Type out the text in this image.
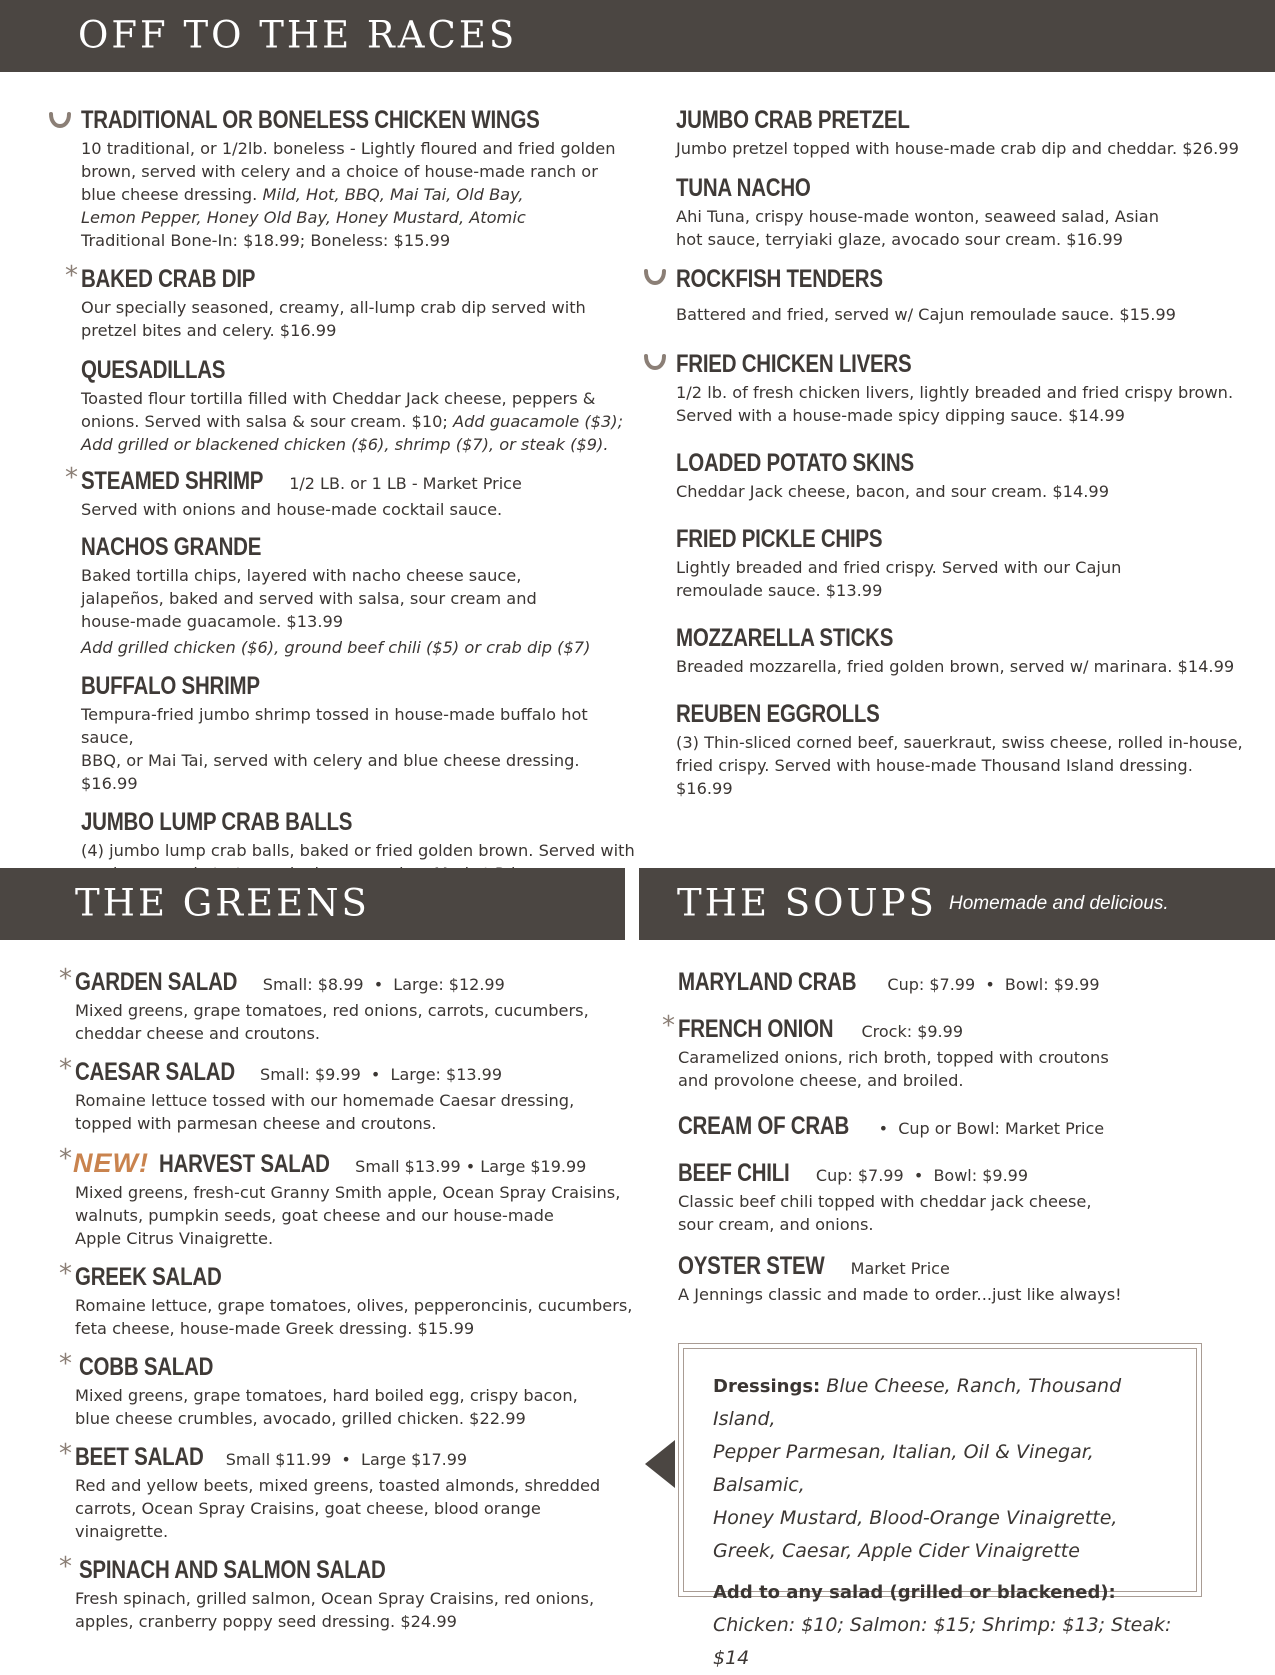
OFF TO THE RACES
TRADITIONAL OR BONELESS CHICKEN WINGS
10 traditional, or 1/2lb. boneless - Lightly floured and fried golden
brown, served with celery and a choice of house-made ranch or
blue cheese dressing. Mild, Hot, BBQ, Mai Tai, Old Bay,
Lemon Pepper, Honey Old Bay, Honey Mustard, Atomic
Traditional Bone-In: $18.99; Boneless: $15.99
* BAKED CRAB DIP
Our specially seasoned, creamy, all-lump crab dip served with
pretzel bites and celery. $16.99
QUESADILLAS
Toasted flour tortilla filled with Cheddar Jack cheese, peppers &
onions. Served with salsa & sour cream. $10; Add guacamole ($3);
Add grilled or blackened chicken ($6), shrimp ($7), or steak ($9).
* STEAMED SHRIMP 1/2 LB. or 1 LB - Market Price
Served with onions and house-made cocktail sauce.
NACHOS GRANDE
Baked tortilla chips, layered with nacho cheese sauce,
jalapeños, baked and served with salsa, sour cream and
house-made guacamole. $13.99
Add grilled chicken ($6), ground beef chili ($5) or crab dip ($7)
BUFFALO SHRIMP
Tempura-fried jumbo shrimp tossed in house-made buffalo hot sauce,
BBQ, or Mai Tai, served with celery and blue cheese dressing. $16.99
JUMBO LUMP CRAB BALLS
(4) jumbo lump crab balls, baked or fried golden brown. Served with
JUMBO CRAB PRETZEL
Jumbo pretzel topped with house-made crab dip and cheddar. $26.99
TUNA NACHO
Ahi Tuna, crispy house-made wonton, seaweed salad, Asian
hot sauce, terryiaki glaze, avocado sour cream. $16.99
ROCKFISH TENDERS
Battered and fried, served w/ Cajun remoulade sauce. $15.99
FRIED CHICKEN LIVERS
1/2 lb. of fresh chicken livers, lightly breaded and fried crispy brown.
Served with a house-made spicy dipping sauce. $14.99
LOADED POTATO SKINS
Cheddar Jack cheese, bacon, and sour cream. $14.99
FRIED PICKLE CHIPS
Lightly breaded and fried crispy. Served with our Cajun
remoulade sauce. $13.99
MOZZARELLA STICKS
Breaded mozzarella, fried golden brown, served w/ marinara. $14.99
REUBEN EGGROLLS
(3) Thin-sliced corned beef, sauerkraut, swiss cheese, rolled in-house,
fried crispy. Served with house-made Thousand Island dressing. $16.99
THE GREENS	THE SOUPS Homemade and delicious.
* GARDEN SALAD Small: $8.99  •  Large: $12.99
Mixed greens, grape tomatoes, red onions, carrots, cucumbers,
cheddar cheese and croutons.
* CAESAR SALAD Small: $9.99  •  Large: $13.99
Romaine lettuce tossed with our homemade Caesar dressing,
topped with parmesan cheese and croutons.
* NEW! HARVEST SALAD Small $13.99 • Large $19.99
Mixed greens, fresh-cut Granny Smith apple, Ocean Spray Craisins,
walnuts, pumpkin seeds, goat cheese and our house-made
Apple Citrus Vinaigrette.
* GREEK SALAD
Romaine lettuce, grape tomatoes, olives, pepperoncinis, cucumbers,
feta cheese, house-made Greek dressing. $15.99
* COBB SALAD
Mixed greens, grape tomatoes, hard boiled egg, crispy bacon,
blue cheese crumbles, avocado, grilled chicken. $22.99
* BEET SALAD Small $11.99  •  Large $17.99
Red and yellow beets, mixed greens, toasted almonds, shredded
carrots, Ocean Spray Craisins, goat cheese, blood orange vinaigrette.
* SPINACH AND SALMON SALAD
Fresh spinach, grilled salmon, Ocean Spray Craisins, red onions,
apples, cranberry poppy seed dressing. $24.99
MARYLAND CRAB Cup: $7.99  •  Bowl: $9.99
* FRENCH ONION Crock: $9.99
Caramelized onions, rich broth, topped with croutons
and provolone cheese, and broiled.
CREAM OF CRAB •  Cup or Bowl: Market Price
BEEF CHILI Cup: $7.99  •  Bowl: $9.99
Classic beef chili topped with cheddar jack cheese,
sour cream, and onions.
OYSTER STEW Market Price
A Jennings classic and made to order...just like always!
Dressings: Blue Cheese, Ranch, Thousand Island,
Pepper Parmesan, Italian, Oil & Vinegar, Balsamic,
Honey Mustard, Blood-Orange Vinaigrette,
Greek, Caesar, Apple Cider Vinaigrette
Add to any salad (grilled or blackened):
Chicken: $10; Salmon: $15; Shrimp: $13; Steak: $14
